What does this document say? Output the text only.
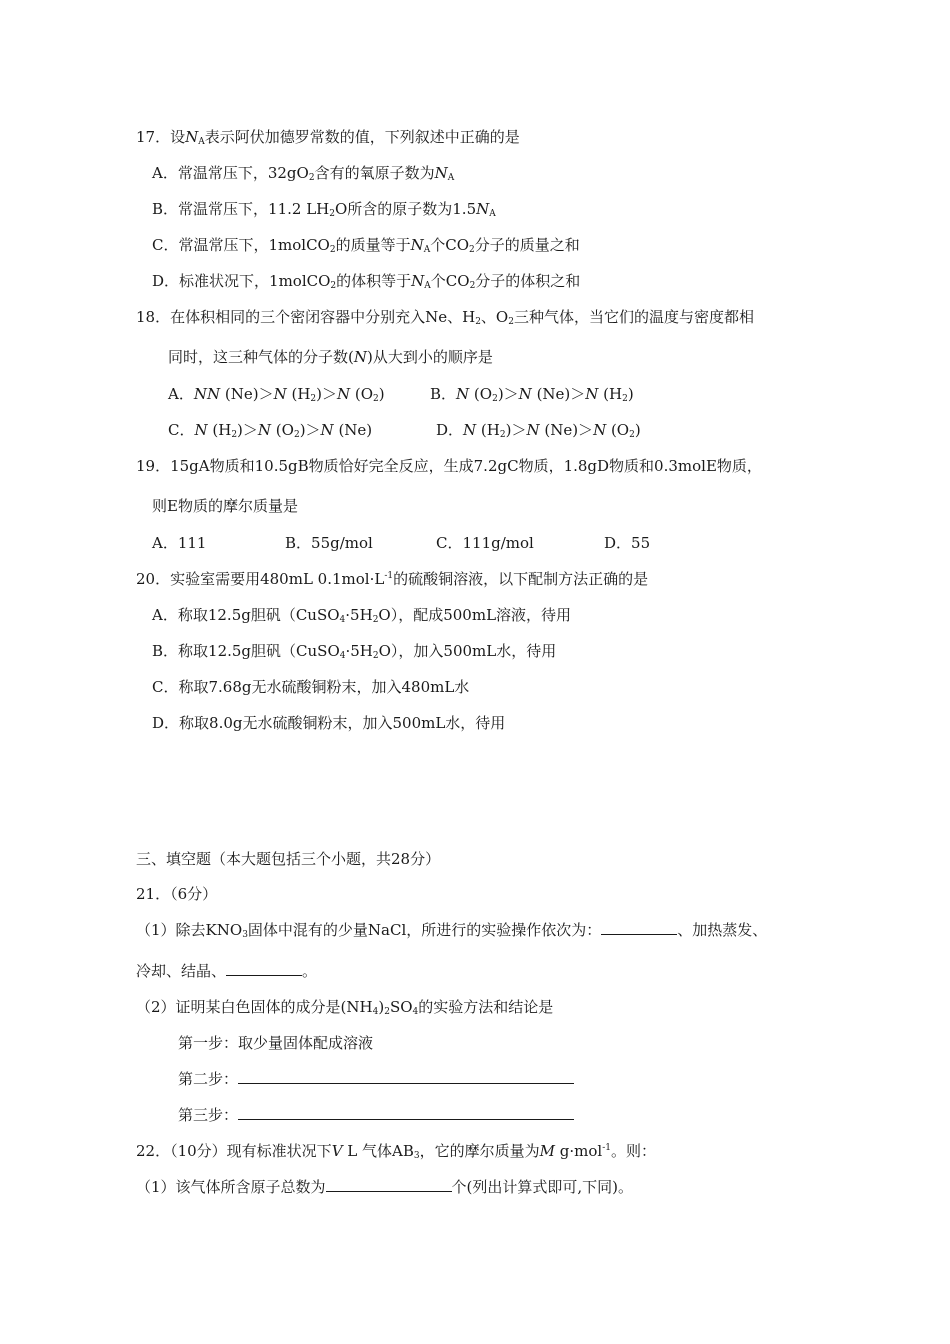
17．设$N_A$表示阿伏加德罗常数的值，下列叙述中正确的是
A．常温常压下，$32gO_2$含有的氧原子数为$N_A$
B．常温常压下，11.2 $LH_2O$所含的原子数为$1.5N_A$
C．常温常压下，1molCO$_2$的质量等于$N_A$个$CO_2$分子的质量之和
D．标准状况下，1molCO$_2$的体积等于$N_A$个$CO_2$分子的体积之和
18．在体积相同的三个密闭容器中分别充入Ne、$H_2$、$O_2$三种气体，当它们的温度与密度都相
同时，这三种气体的分子数(N)从大到小的顺序是
A．NN (Ne)＞N $(H_2)>N$ $(O_2)$	B．N $(O_2)>N$ (Ne)＞N $(H_2)$
C．N $(H_2)>N$ $(O_2)>N$ (Ne)	D．N $(H_2)>N$ (Ne)＞N $(O_2)$
19．15gA物质和10.5gB物质恰好完全反应，生成7.2gC物质，1.8gD物质和0.3molE物质，
则E物质的摩尔质量是
A．111	B．55g/mol	C．111g/mol	D．55
20．实验室需要用480mL $0.1mol\cdot L^{-1}$的硫酸铜溶液，以下配制方法正确的是
A．称取12.5g胆矾$(CuSO_4\cdot 5H_2O)$，配成500mL溶液，待用
B．称取12.5g胆矾$(CuSO_4\cdot 5H_2O)$，加入500mL水，待用
C．称取7.68g无水硫酸铜粉末，加入480mL水
D．称取8.0g无水硫酸铜粉末，加入500mL水，待用
三、填空题（本大题包括三个小题，共28分）
21．（6分）
（1）除去$KNO_3$固体中混有的少量NaCl，所进行的实验操作依次为：	、加热蒸发、
冷却、结晶、	。
（2）证明某白色固体的成分是$(NH_4)_2SO_4$的实验方法和结论是
第一步：取少量固体配成溶液
第二步：
第三步：
22．（10分）现有标准状况下V L 气体$AB_3$，它的摩尔质量为M g·mol$^{-1}$。则：
（1）该气体所含原子总数为	个(列出计算式即可,下同)。
